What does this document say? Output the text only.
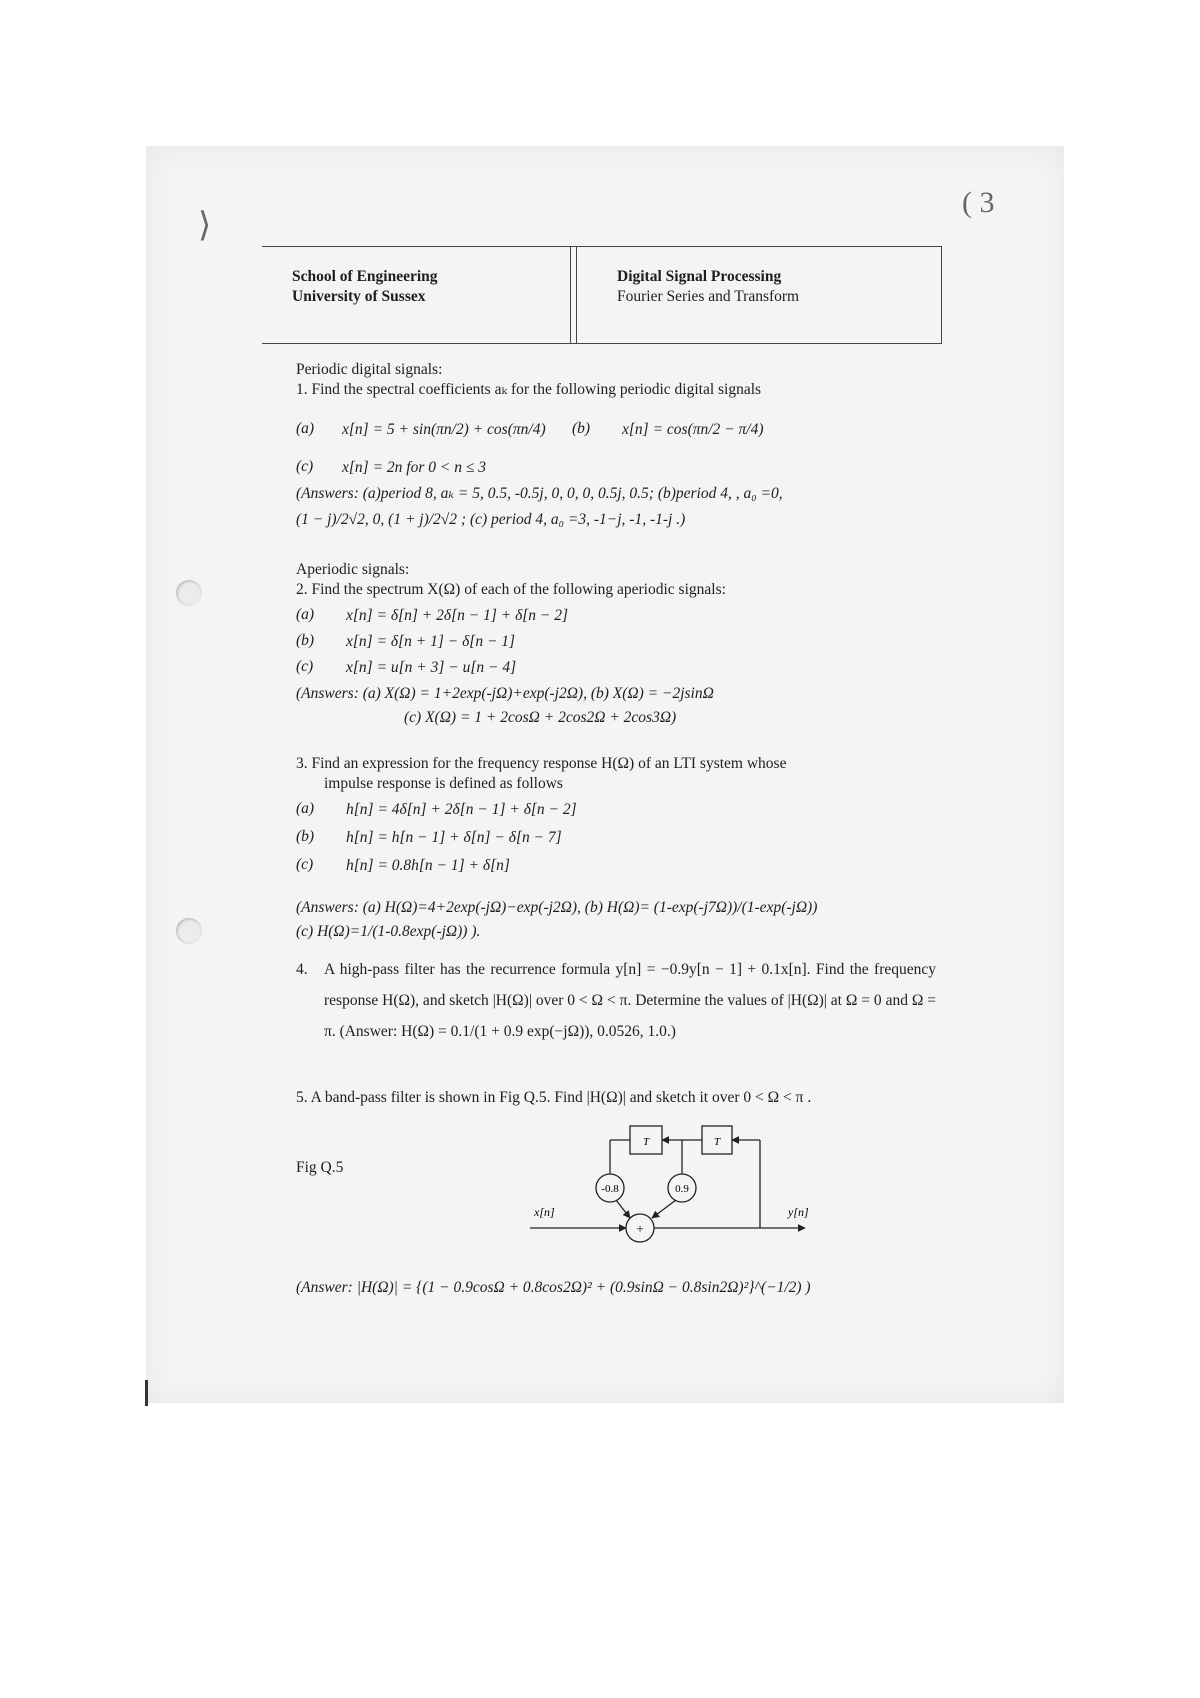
( 3
⟩
School of Engineering
University of Sussex
Digital Signal Processing
Fourier Series and Transform
Periodic digital signals:
1. Find the spectral coefficients aₖ for the following periodic digital signals
(a) x[n] = 5 + sin(πn/2) + cos(πn/4) (b) x[n] = cos(πn/2 − π/4)
(c) x[n] = 2n for 0 < n ≤ 3
(Answers: (a)period 8, aₖ = 5, 0.5, -0.5j, 0, 0, 0, 0.5j, 0.5; (b)period 4, , a₀ =0,
(1 − j)/2√2, 0, (1 + j)/2√2 ; (c) period 4, a₀ =3, -1−j, -1, -1-j .)
Aperiodic signals:
2. Find the spectrum X(Ω) of each of the following aperiodic signals:
(a) x[n] = δ[n] + 2δ[n − 1] + δ[n − 2]
(b) x[n] = δ[n + 1] − δ[n − 1]
(c) x[n] = u[n + 3] − u[n − 4]
(Answers: (a) X(Ω) = 1+2exp(-jΩ)+exp(-j2Ω), (b) X(Ω) = −2jsinΩ
(c) X(Ω) = 1 + 2cosΩ + 2cos2Ω + 2cos3Ω)
3. Find an expression for the frequency response H(Ω) of an LTI system whose
impulse response is defined as follows
(a) h[n] = 4δ[n] + 2δ[n − 1] + δ[n − 2]
(b) h[n] = h[n − 1] + δ[n] − δ[n − 7]
(c) h[n] = 0.8h[n − 1] + δ[n]
(Answers: (a) H(Ω)=4+2exp(-jΩ)−exp(-j2Ω), (b) H(Ω)= (1-exp(-j7Ω))/(1-exp(-jΩ))
(c) H(Ω)=1/(1-0.8exp(-jΩ)) ).
4. A high-pass filter has the recurrence formula y[n] = −0.9y[n − 1] + 0.1x[n]. Find the frequency response H(Ω), and sketch |H(Ω)| over 0 < Ω < π. Determine the values of |H(Ω)| at Ω = 0 and Ω = π. (Answer: H(Ω) = 0.1/(1 + 0.9 exp(−jΩ)), 0.0526, 1.0.)
5. A band-pass filter is shown in Fig Q.5. Find |H(Ω)| and sketch it over 0 < Ω < π .
Fig Q.5
T	T
-0.8	0.9
+
x[n]	y[n]
(Answer: |H(Ω)| = {(1 − 0.9cosΩ + 0.8cos2Ω)² + (0.9sinΩ − 0.8sin2Ω)²}^(−1/2) )
